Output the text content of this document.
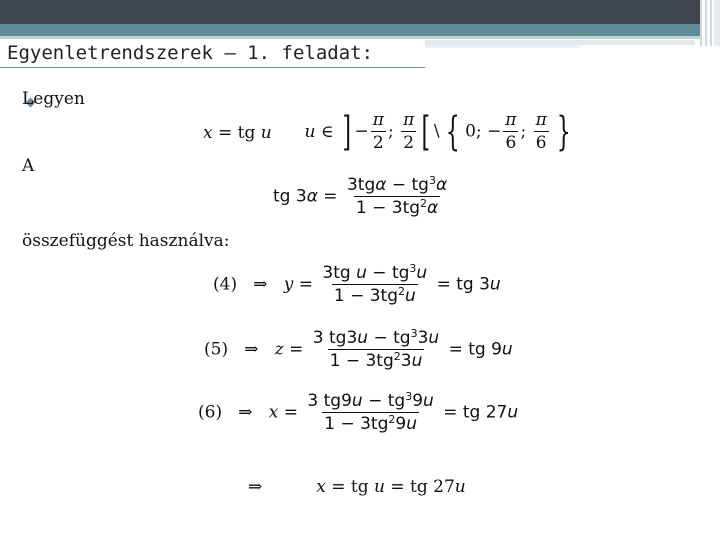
Egyenletrendszerek – 1. feladat:
Legyen
x = tg u u ∈ ] − $\frac{\pi}{2}$ ; $\frac{\pi}{2}$ [ \ { 0; − $\frac{\pi}{6}$ ; $\frac{\pi}{6}$ }
A
tg $3\alpha = \frac{3tg\alpha - tg^3\alpha}{1 - 3tg^2\alpha}$
összefüggést használva:
(4)   ⇒   $y = \frac{3tg u - tg^3u}{1 - 3tg^2u}$ = tg 3u
(5)   ⇒   $z = \frac{3 tg3u - tg^33u}{1 - 3tg^23u}$ = tg 9u
(6)   ⇒   $x = \frac{3 tg9u - tg^39u}{1 - 3tg^29u}$ = tg 27u
⇒	x = tg u = tg 27u
